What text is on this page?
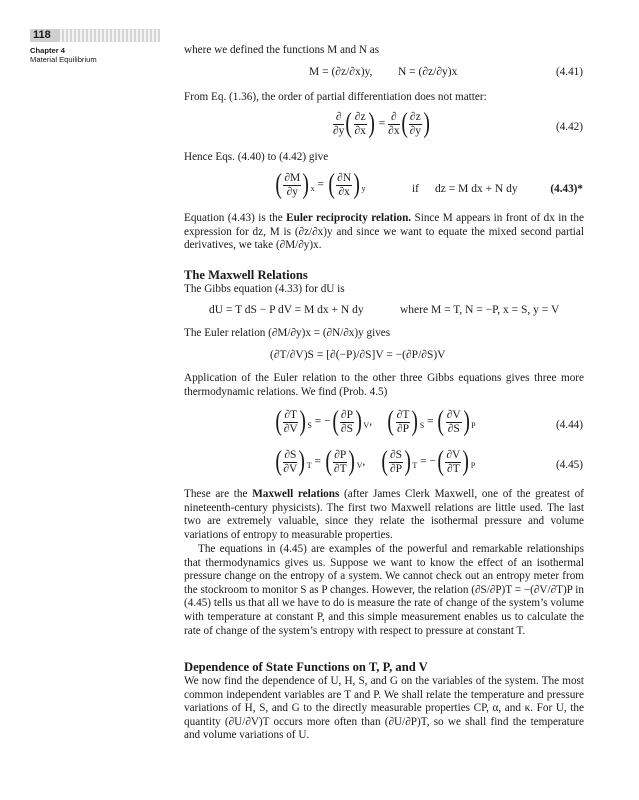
118
Chapter 4
Material Equilibrium
where we defined the functions M and N as
M = (∂z/∂x)y, N = (∂z/∂y)x	(4.41)
From Eq. (1.36), the order of partial differentiation does not matter:
$\frac{\partial}{\partial y}$ ( $\frac{\partial z}{\partial x}$ ) = $\frac{\partial}{\partial x}$ ( $\frac{\partial z}{\partial y}$ )	(4.42)
Hence Eqs. (4.40) to (4.42) give
( $\frac{\partial M}{\partial y} )_x$ = ( $\frac{\partial N}{\partial x} )_y$	if dz = M dx + N dy	(4.43)*
Equation (4.43) is the Euler reciprocity relation. Since M appears in front of dx in the expression for dz, M is (∂z/∂x)y and since we want to equate the mixed second partial derivatives, we take (∂M/∂y)x.
The Maxwell Relations
The Gibbs equation (4.33) for dU is
dU = T dS − P dV = M dx + N dy	where M = T, N = −P, x = S, y = V
The Euler relation (∂M/∂y)x = (∂N/∂x)y gives
(∂T/∂V)S = [∂(−P)/∂S]V = −(∂P/∂S)V
Application of the Euler relation to the other three Gibbs equations gives three more thermodynamic relations. We find (Prob. 4.5)
( $\frac{\partial T}{\partial V} )_S$ = −( $\frac{\partial P}{\partial S} )_V$,     ( $\frac{\partial T}{\partial P} )_S$ = ( $\frac{\partial V}{\partial S} )_P$	(4.44)
( $\frac{\partial S}{\partial V} )_T$ = ( $\frac{\partial P}{\partial T} )_V$,     ( $\frac{\partial S}{\partial P} )_T$ = −( $\frac{\partial V}{\partial T} )_P$	(4.45)
These are the Maxwell relations (after James Clerk Maxwell, one of the greatest of nineteenth-century physicists). The first two Maxwell relations are little used. The last two are extremely valuable, since they relate the isothermal pressure and volume variations of entropy to measurable properties.
The equations in (4.45) are examples of the powerful and remarkable relationships that thermodynamics gives us. Suppose we want to know the effect of an isothermal pressure change on the entropy of a system. We cannot check out an entropy meter from the stockroom to monitor S as P changes. However, the relation (∂S/∂P)T = −(∂V/∂T)P in (4.45) tells us that all we have to do is measure the rate of change of the system’s volume with temperature at constant P, and this simple measurement enables us to calculate the rate of change of the system’s entropy with respect to pressure at constant T.
Dependence of State Functions on T, P, and V
We now find the dependence of U, H, S, and G on the variables of the system. The most common independent variables are T and P. We shall relate the temperature and pressure variations of H, S, and G to the directly measurable properties CP, α, and κ. For U, the quantity (∂U/∂V)T occurs more often than (∂U/∂P)T, so we shall find the temperature and volume variations of U.
